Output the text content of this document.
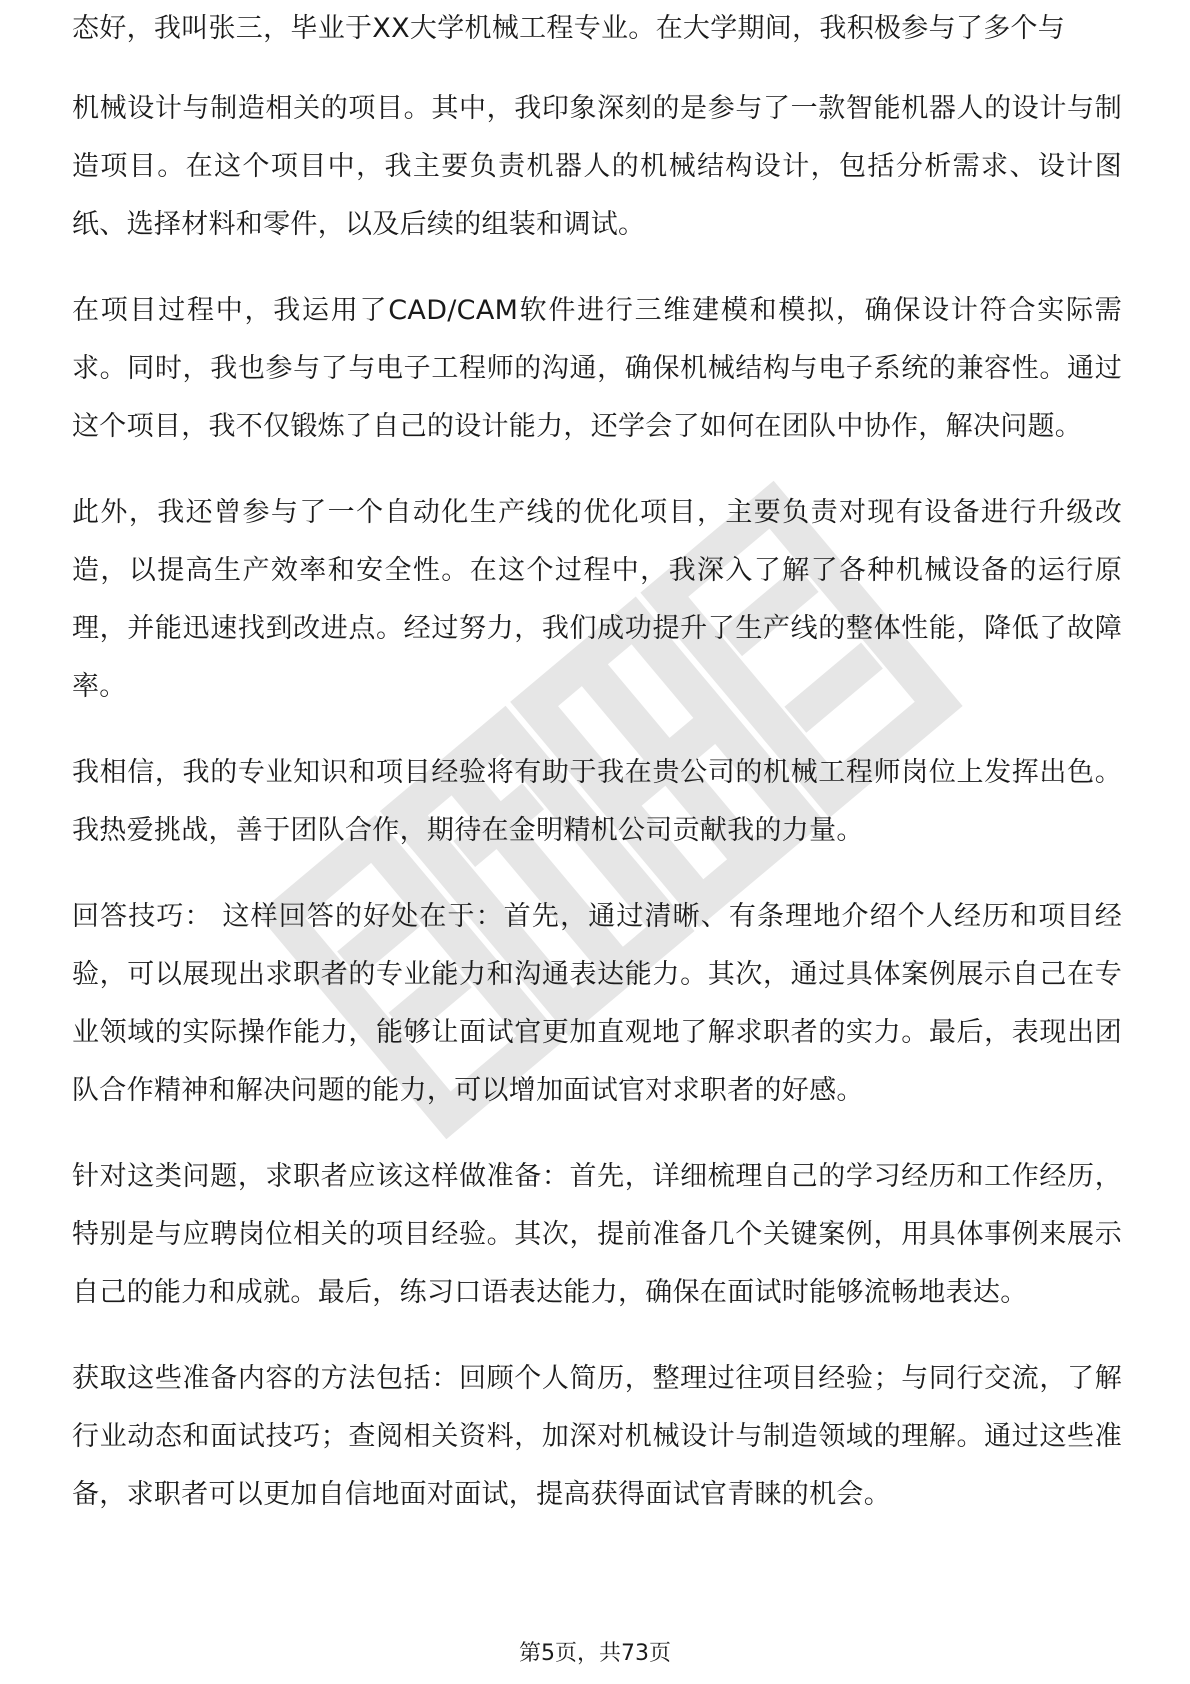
态好，我叫张三，毕业于XX大学机械工程专业。在大学期间，我积极参与了多个与

机械设计与制造相关的项目。其中，我印象深刻的是参与了一款智能机器人的设计与制造项目。在这个项目中，我主要负责机器人的机械结构设计，包括分析需求、设计图纸、选择材料和零件，以及后续的组装和调试。

在项目过程中，我运用了CAD/CAM软件进行三维建模和模拟，确保设计符合实际需求。同时，我也参与了与电子工程师的沟通，确保机械结构与电子系统的兼容性。通过这个项目，我不仅锻炼了自己的设计能力，还学会了如何在团队中协作，解决问题。

此外，我还曾参与了一个自动化生产线的优化项目，主要负责对现有设备进行升级改造，以提高生产效率和安全性。在这个过程中，我深入了解了各种机械设备的运行原理，并能迅速找到改进点。经过努力，我们成功提升了生产线的整体性能，降低了故障率。

我相信，我的专业知识和项目经验将有助于我在贵公司的机械工程师岗位上发挥出色。我热爱挑战，善于团队合作，期待在金明精机公司贡献我的力量。

回答技巧： 这样回答的好处在于：首先，通过清晰、有条理地介绍个人经历和项目经验，可以展现出求职者的专业能力和沟通表达能力。其次，通过具体案例展示自己在专业领域的实际操作能力，能够让面试官更加直观地了解求职者的实力。最后，表现出团队合作精神和解决问题的能力，可以增加面试官对求职者的好感。

针对这类问题，求职者应该这样做准备：首先，详细梳理自己的学习经历和工作经历，特别是与应聘岗位相关的项目经验。其次，提前准备几个关键案例，用具体事例来展示自己的能力和成就。最后，练习口语表达能力，确保在面试时能够流畅地表达。

获取这些准备内容的方法包括：回顾个人简历，整理过往项目经验；与同行交流，了解行业动态和面试技巧；查阅相关资料，加深对机械设计与制造领域的理解。通过这些准备，求职者可以更加自信地面对面试，提高获得面试官青睐的机会。

第5页，共73页
